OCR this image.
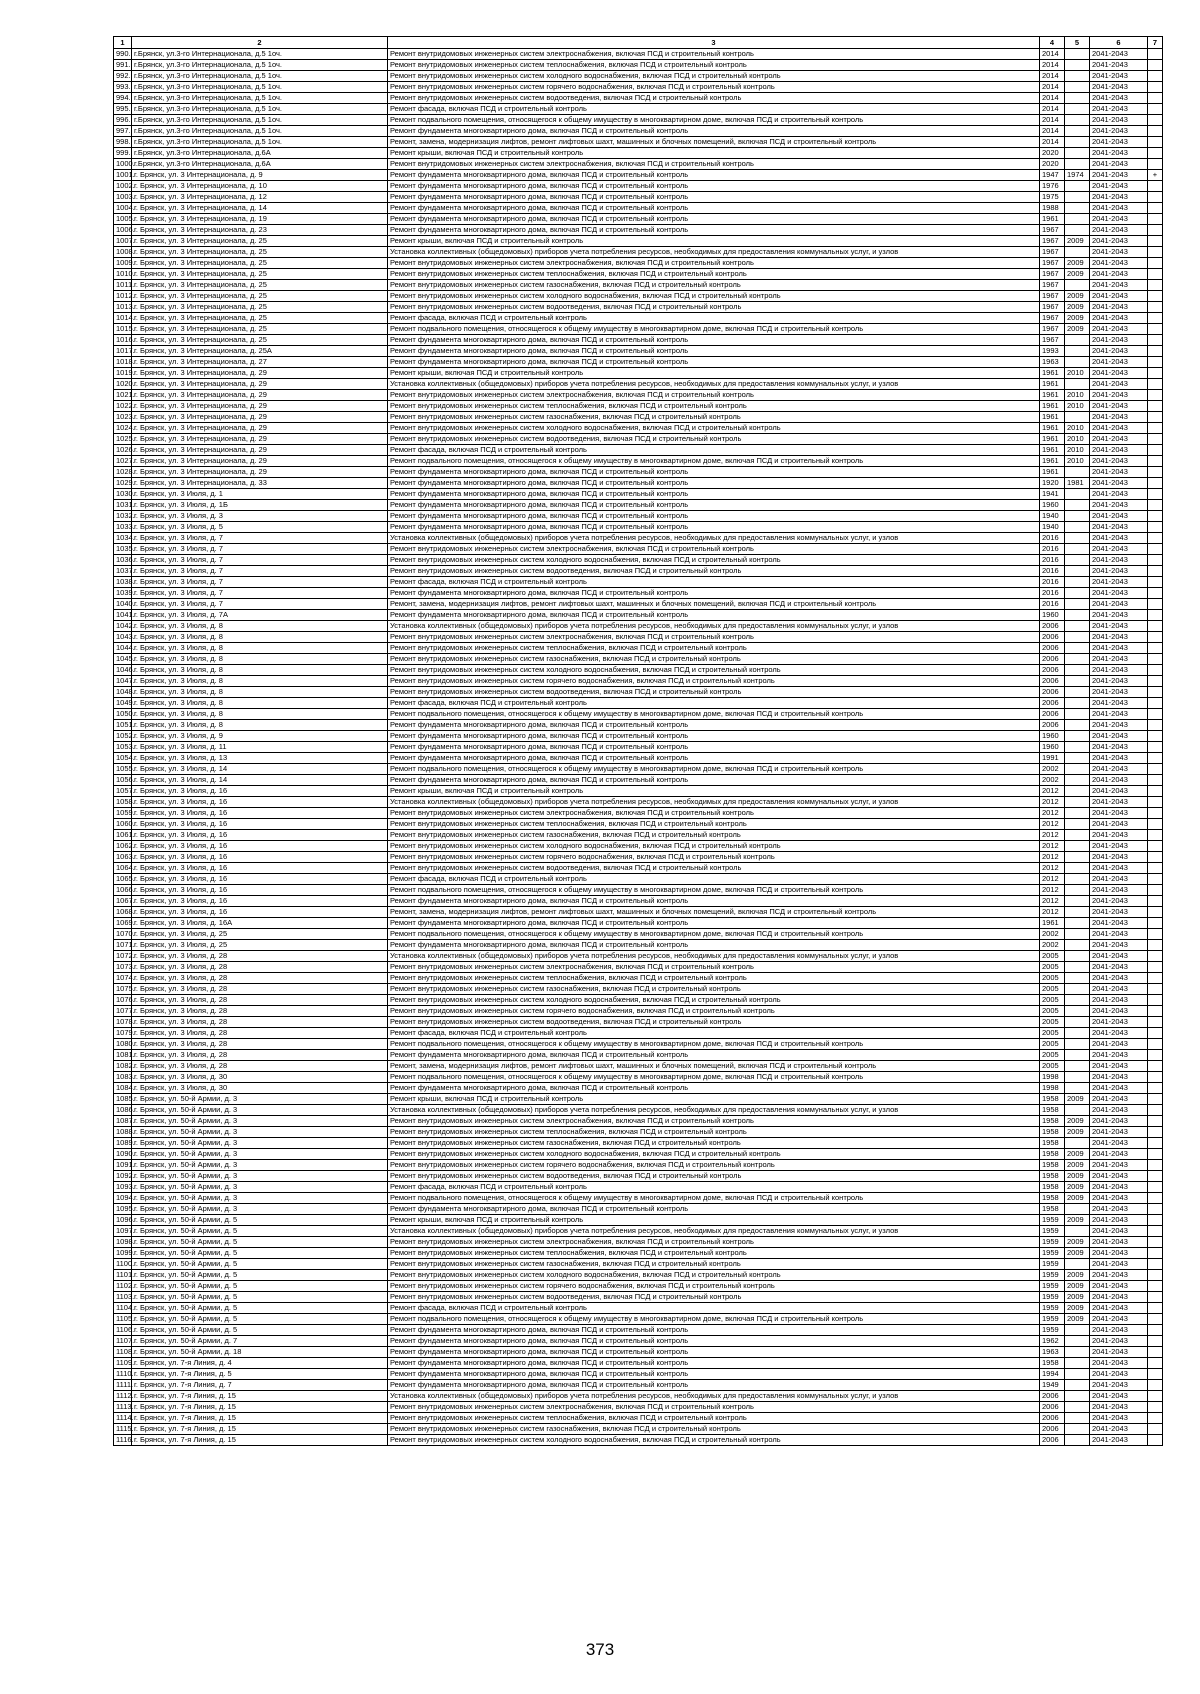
1	2	3	4	5	6	7
990.	г.Брянск, ул.3-го Интернационала, д.5 1оч.	Ремонт внутридомовых инженерных систем электроснабжения, включая ПСД и строительный контроль	2014		2041-2043	
991.	г.Брянск, ул.3-го Интернационала, д.5 1оч.	Ремонт внутридомовых инженерных систем теплоснабжения, включая ПСД и строительный контроль	2014		2041-2043	
992.	г.Брянск, ул.3-го Интернационала, д.5 1оч.	Ремонт внутридомовых инженерных систем холодного водоснабжения, включая ПСД и строительный контроль	2014		2041-2043	
993.	г.Брянск, ул.3-го Интернационала, д.5 1оч.	Ремонт внутридомовых инженерных систем горячего водоснабжения, включая ПСД и строительный контроль	2014		2041-2043	
994.	г.Брянск, ул.3-го Интернационала, д.5 1оч.	Ремонт внутридомовых инженерных систем водоотведения, включая ПСД и строительный контроль	2014		2041-2043	
995.	г.Брянск, ул.3-го Интернационала, д.5 1оч.	Ремонт фасада, включая ПСД и строительный контроль	2014		2041-2043	
996.	г.Брянск, ул.3-го Интернационала, д.5 1оч.	Ремонт подвального помещения, относящегося к общему имуществу в многоквартирном доме, включая ПСД и строительный контроль	2014		2041-2043	
997.	г.Брянск, ул.3-го Интернационала, д.5 1оч.	Ремонт фундамента многоквартирного дома, включая ПСД и строительный контроль	2014		2041-2043	
998.	г.Брянск, ул.3-го Интернационала, д.5 1оч.	Ремонт, замена, модернизация лифтов, ремонт лифтовых шахт, машинных и блочных помещений, включая ПСД и строительный контроль	2014		2041-2043	
999.	г.Брянск, ул.3-го Интернационала, д.6А	Ремонт крыши, включая ПСД и строительный контроль	2020		2041-2043	
1000.	г.Брянск, ул.3-го Интернационала, д.6А	Ремонт внутридомовых инженерных систем электроснабжения, включая ПСД и строительный контроль	2020		2041-2043	
1001.	г. Брянск, ул. 3 Интернационала, д. 9	Ремонт фундамента многоквартирного дома, включая ПСД и строительный контроль	1947	1974	2041-2043	+
1002.	г. Брянск, ул. 3 Интернационала, д. 10	Ремонт фундамента многоквартирного дома, включая ПСД и строительный контроль	1976		2041-2043	
1003.	г. Брянск, ул. 3 Интернационала, д. 12	Ремонт фундамента многоквартирного дома, включая ПСД и строительный контроль	1975		2041-2043	
1004.	г. Брянск, ул. 3 Интернационала, д. 14	Ремонт фундамента многоквартирного дома, включая ПСД и строительный контроль	1988		2041-2043	
1005.	г. Брянск, ул. 3 Интернационала, д. 19	Ремонт фундамента многоквартирного дома, включая ПСД и строительный контроль	1961		2041-2043	
1006.	г. Брянск, ул. 3 Интернационала, д. 23	Ремонт фундамента многоквартирного дома, включая ПСД и строительный контроль	1967		2041-2043	
1007.	г. Брянск, ул. 3 Интернационала, д. 25	Ремонт крыши, включая ПСД и строительный контроль	1967	2009	2041-2043	
1008.	г. Брянск, ул. 3 Интернационала, д. 25	Установка коллективных (общедомовых) приборов учета потребления ресурсов, необходимых для предоставления коммунальных услуг, и узлов	1967		2041-2043	
1009.	г. Брянск, ул. 3 Интернационала, д. 25	Ремонт внутридомовых инженерных систем электроснабжения, включая ПСД и строительный контроль	1967	2009	2041-2043	
1010.	г. Брянск, ул. 3 Интернационала, д. 25	Ремонт внутридомовых инженерных систем теплоснабжения, включая ПСД и строительный контроль	1967	2009	2041-2043	
1011.	г. Брянск, ул. 3 Интернационала, д. 25	Ремонт внутридомовых инженерных систем газоснабжения, включая ПСД и строительный контроль	1967		2041-2043	
1012.	г. Брянск, ул. 3 Интернационала, д. 25	Ремонт внутридомовых инженерных систем холодного водоснабжения, включая ПСД и строительный контроль	1967	2009	2041-2043	
1013.	г. Брянск, ул. 3 Интернационала, д. 25	Ремонт внутридомовых инженерных систем водоотведения, включая ПСД и строительный контроль	1967	2009	2041-2043	
1014.	г. Брянск, ул. 3 Интернационала, д. 25	Ремонт фасада, включая ПСД и строительный контроль	1967	2009	2041-2043	
1015.	г. Брянск, ул. 3 Интернационала, д. 25	Ремонт подвального помещения, относящегося к общему имуществу в многоквартирном доме, включая ПСД и строительный контроль	1967	2009	2041-2043	
1016.	г. Брянск, ул. 3 Интернационала, д. 25	Ремонт фундамента многоквартирного дома, включая ПСД и строительный контроль	1967		2041-2043	
1017.	г. Брянск, ул. 3 Интернационала, д. 25А	Ремонт фундамента многоквартирного дома, включая ПСД и строительный контроль	1993		2041-2043	
1018.	г. Брянск, ул. 3 Интернационала, д. 27	Ремонт фундамента многоквартирного дома, включая ПСД и строительный контроль	1963		2041-2043	
1019.	г. Брянск, ул. 3 Интернационала, д. 29	Ремонт крыши, включая ПСД и строительный контроль	1961	2010	2041-2043	
1020.	г. Брянск, ул. 3 Интернационала, д. 29	Установка коллективных (общедомовых) приборов учета потребления ресурсов, необходимых для предоставления коммунальных услуг, и узлов	1961		2041-2043	
1021.	г. Брянск, ул. 3 Интернационала, д. 29	Ремонт внутридомовых инженерных систем электроснабжения, включая ПСД и строительный контроль	1961	2010	2041-2043	
1022.	г. Брянск, ул. 3 Интернационала, д. 29	Ремонт внутридомовых инженерных систем теплоснабжения, включая ПСД и строительный контроль	1961	2010	2041-2043	
1023.	г. Брянск, ул. 3 Интернационала, д. 29	Ремонт внутридомовых инженерных систем газоснабжения, включая ПСД и строительный контроль	1961		2041-2043	
1024.	г. Брянск, ул. 3 Интернационала, д. 29	Ремонт внутридомовых инженерных систем холодного водоснабжения, включая ПСД и строительный контроль	1961	2010	2041-2043	
1025.	г. Брянск, ул. 3 Интернационала, д. 29	Ремонт внутридомовых инженерных систем водоотведения, включая ПСД и строительный контроль	1961	2010	2041-2043	
1026.	г. Брянск, ул. 3 Интернационала, д. 29	Ремонт фасада, включая ПСД и строительный контроль	1961	2010	2041-2043	
1027.	г. Брянск, ул. 3 Интернационала, д. 29	Ремонт подвального помещения, относящегося к общему имуществу в многоквартирном доме, включая ПСД и строительный контроль	1961	2010	2041-2043	
1028.	г. Брянск, ул. 3 Интернационала, д. 29	Ремонт фундамента многоквартирного дома, включая ПСД и строительный контроль	1961		2041-2043	
1029.	г. Брянск, ул. 3 Интернационала, д. 33	Ремонт фундамента многоквартирного дома, включая ПСД и строительный контроль	1920	1981	2041-2043	
1030.	г. Брянск, ул. 3 Июля, д. 1	Ремонт фундамента многоквартирного дома, включая ПСД и строительный контроль	1941		2041-2043	
1031.	г. Брянск, ул. 3 Июля, д. 1Б	Ремонт фундамента многоквартирного дома, включая ПСД и строительный контроль	1960		2041-2043	
1032.	г. Брянск, ул. 3 Июля, д. 3	Ремонт фундамента многоквартирного дома, включая ПСД и строительный контроль	1940		2041-2043	
1033.	г. Брянск, ул. 3 Июля, д. 5	Ремонт фундамента многоквартирного дома, включая ПСД и строительный контроль	1940		2041-2043	
1034.	г. Брянск, ул. 3 Июля, д. 7	Установка коллективных (общедомовых) приборов учета потребления ресурсов, необходимых для предоставления коммунальных услуг, и узлов	2016		2041-2043	
1035.	г. Брянск, ул. 3 Июля, д. 7	Ремонт внутридомовых инженерных систем электроснабжения, включая ПСД и строительный контроль	2016		2041-2043	
1036.	г. Брянск, ул. 3 Июля, д. 7	Ремонт внутридомовых инженерных систем холодного водоснабжения, включая ПСД и строительный контроль	2016		2041-2043	
1037.	г. Брянск, ул. 3 Июля, д. 7	Ремонт внутридомовых инженерных систем водоотведения, включая ПСД и строительный контроль	2016		2041-2043	
1038.	г. Брянск, ул. 3 Июля, д. 7	Ремонт фасада, включая ПСД и строительный контроль	2016		2041-2043	
1039.	г. Брянск, ул. 3 Июля, д. 7	Ремонт фундамента многоквартирного дома, включая ПСД и строительный контроль	2016		2041-2043	
1040.	г. Брянск, ул. 3 Июля, д. 7	Ремонт, замена, модернизация лифтов, ремонт лифтовых шахт, машинных и блочных помещений, включая ПСД и строительный контроль	2016		2041-2043	
1041.	г. Брянск, ул. 3 Июля, д. 7А	Ремонт фундамента многоквартирного дома, включая ПСД и строительный контроль	1960		2041-2043	
1042.	г. Брянск, ул. 3 Июля, д. 8	Установка коллективных (общедомовых) приборов учета потребления ресурсов, необходимых для предоставления коммунальных услуг, и узлов	2006		2041-2043	
1043.	г. Брянск, ул. 3 Июля, д. 8	Ремонт внутридомовых инженерных систем электроснабжения, включая ПСД и строительный контроль	2006		2041-2043	
1044.	г. Брянск, ул. 3 Июля, д. 8	Ремонт внутридомовых инженерных систем теплоснабжения, включая ПСД и строительный контроль	2006		2041-2043	
1045.	г. Брянск, ул. 3 Июля, д. 8	Ремонт внутридомовых инженерных систем газоснабжения, включая ПСД и строительный контроль	2006		2041-2043	
1046.	г. Брянск, ул. 3 Июля, д. 8	Ремонт внутридомовых инженерных систем холодного водоснабжения, включая ПСД и строительный контроль	2006		2041-2043	
1047.	г. Брянск, ул. 3 Июля, д. 8	Ремонт внутридомовых инженерных систем горячего водоснабжения, включая ПСД и строительный контроль	2006		2041-2043	
1048.	г. Брянск, ул. 3 Июля, д. 8	Ремонт внутридомовых инженерных систем водоотведения, включая ПСД и строительный контроль	2006		2041-2043	
1049.	г. Брянск, ул. 3 Июля, д. 8	Ремонт фасада, включая ПСД и строительный контроль	2006		2041-2043	
1050.	г. Брянск, ул. 3 Июля, д. 8	Ремонт подвального помещения, относящегося к общему имуществу в многоквартирном доме, включая ПСД и строительный контроль	2006		2041-2043	
1051.	г. Брянск, ул. 3 Июля, д. 8	Ремонт фундамента многоквартирного дома, включая ПСД и строительный контроль	2006		2041-2043	
1052.	г. Брянск, ул. 3 Июля, д. 9	Ремонт фундамента многоквартирного дома, включая ПСД и строительный контроль	1960		2041-2043	
1053.	г. Брянск, ул. 3 Июля, д. 11	Ремонт фундамента многоквартирного дома, включая ПСД и строительный контроль	1960		2041-2043	
1054.	г. Брянск, ул. 3 Июля, д. 13	Ремонт фундамента многоквартирного дома, включая ПСД и строительный контроль	1991		2041-2043	
1055.	г. Брянск, ул. 3 Июля, д. 14	Ремонт подвального помещения, относящегося к общему имуществу в многоквартирном доме, включая ПСД и строительный контроль	2002		2041-2043	
1056.	г. Брянск, ул. 3 Июля, д. 14	Ремонт фундамента многоквартирного дома, включая ПСД и строительный контроль	2002		2041-2043	
1057.	г. Брянск, ул. 3 Июля, д. 16	Ремонт крыши, включая ПСД и строительный контроль	2012		2041-2043	
1058.	г. Брянск, ул. 3 Июля, д. 16	Установка коллективных (общедомовых) приборов учета потребления ресурсов, необходимых для предоставления коммунальных услуг, и узлов	2012		2041-2043	
1059.	г. Брянск, ул. 3 Июля, д. 16	Ремонт внутридомовых инженерных систем электроснабжения, включая ПСД и строительный контроль	2012		2041-2043	
1060.	г. Брянск, ул. 3 Июля, д. 16	Ремонт внутридомовых инженерных систем теплоснабжения, включая ПСД и строительный контроль	2012		2041-2043	
1061.	г. Брянск, ул. 3 Июля, д. 16	Ремонт внутридомовых инженерных систем газоснабжения, включая ПСД и строительный контроль	2012		2041-2043	
1062.	г. Брянск, ул. 3 Июля, д. 16	Ремонт внутридомовых инженерных систем холодного водоснабжения, включая ПСД и строительный контроль	2012		2041-2043	
1063.	г. Брянск, ул. 3 Июля, д. 16	Ремонт внутридомовых инженерных систем горячего водоснабжения, включая ПСД и строительный контроль	2012		2041-2043	
1064.	г. Брянск, ул. 3 Июля, д. 16	Ремонт внутридомовых инженерных систем водоотведения, включая ПСД и строительный контроль	2012		2041-2043	
1065.	г. Брянск, ул. 3 Июля, д. 16	Ремонт фасада, включая ПСД и строительный контроль	2012		2041-2043	
1066.	г. Брянск, ул. 3 Июля, д. 16	Ремонт подвального помещения, относящегося к общему имуществу в многоквартирном доме, включая ПСД и строительный контроль	2012		2041-2043	
1067.	г. Брянск, ул. 3 Июля, д. 16	Ремонт фундамента многоквартирного дома, включая ПСД и строительный контроль	2012		2041-2043	
1068.	г. Брянск, ул. 3 Июля, д. 16	Ремонт, замена, модернизация лифтов, ремонт лифтовых шахт, машинных и блочных помещений, включая ПСД и строительный контроль	2012		2041-2043	
1069.	г. Брянск, ул. 3 Июля, д. 16А	Ремонт фундамента многоквартирного дома, включая ПСД и строительный контроль	1961		2041-2043	
1070.	г. Брянск, ул. 3 Июля, д. 25	Ремонт подвального помещения, относящегося к общему имуществу в многоквартирном доме, включая ПСД и строительный контроль	2002		2041-2043	
1071.	г. Брянск, ул. 3 Июля, д. 25	Ремонт фундамента многоквартирного дома, включая ПСД и строительный контроль	2002		2041-2043	
1072.	г. Брянск, ул. 3 Июля, д. 28	Установка коллективных (общедомовых) приборов учета потребления ресурсов, необходимых для предоставления коммунальных услуг, и узлов	2005		2041-2043	
1073.	г. Брянск, ул. 3 Июля, д. 28	Ремонт внутридомовых инженерных систем электроснабжения, включая ПСД и строительный контроль	2005		2041-2043	
1074.	г. Брянск, ул. 3 Июля, д. 28	Ремонт внутридомовых инженерных систем теплоснабжения, включая ПСД и строительный контроль	2005		2041-2043	
1075.	г. Брянск, ул. 3 Июля, д. 28	Ремонт внутридомовых инженерных систем газоснабжения, включая ПСД и строительный контроль	2005		2041-2043	
1076.	г. Брянск, ул. 3 Июля, д. 28	Ремонт внутридомовых инженерных систем холодного водоснабжения, включая ПСД и строительный контроль	2005		2041-2043	
1077.	г. Брянск, ул. 3 Июля, д. 28	Ремонт внутридомовых инженерных систем горячего водоснабжения, включая ПСД и строительный контроль	2005		2041-2043	
1078.	г. Брянск, ул. 3 Июля, д. 28	Ремонт внутридомовых инженерных систем водоотведения, включая ПСД и строительный контроль	2005		2041-2043	
1079.	г. Брянск, ул. 3 Июля, д. 28	Ремонт фасада, включая ПСД и строительный контроль	2005		2041-2043	
1080.	г. Брянск, ул. 3 Июля, д. 28	Ремонт подвального помещения, относящегося к общему имуществу в многоквартирном доме, включая ПСД и строительный контроль	2005		2041-2043	
1081.	г. Брянск, ул. 3 Июля, д. 28	Ремонт фундамента многоквартирного дома, включая ПСД и строительный контроль	2005		2041-2043	
1082.	г. Брянск, ул. 3 Июля, д. 28	Ремонт, замена, модернизация лифтов, ремонт лифтовых шахт, машинных и блочных помещений, включая ПСД и строительный контроль	2005		2041-2043	
1083.	г. Брянск, ул. 3 Июля, д. 30	Ремонт подвального помещения, относящегося к общему имуществу в многоквартирном доме, включая ПСД и строительный контроль	1998		2041-2043	
1084.	г. Брянск, ул. 3 Июля, д. 30	Ремонт фундамента многоквартирного дома, включая ПСД и строительный контроль	1998		2041-2043	
1085.	г. Брянск, ул. 50-й Армии, д. 3	Ремонт крыши, включая ПСД и строительный контроль	1958	2009	2041-2043	
1086.	г. Брянск, ул. 50-й Армии, д. 3	Установка коллективных (общедомовых) приборов учета потребления ресурсов, необходимых для предоставления коммунальных услуг, и узлов	1958		2041-2043	
1087.	г. Брянск, ул. 50-й Армии, д. 3	Ремонт внутридомовых инженерных систем электроснабжения, включая ПСД и строительный контроль	1958	2009	2041-2043	
1088.	г. Брянск, ул. 50-й Армии, д. 3	Ремонт внутридомовых инженерных систем теплоснабжения, включая ПСД и строительный контроль	1958	2009	2041-2043	
1089.	г. Брянск, ул. 50-й Армии, д. 3	Ремонт внутридомовых инженерных систем газоснабжения, включая ПСД и строительный контроль	1958		2041-2043	
1090.	г. Брянск, ул. 50-й Армии, д. 3	Ремонт внутридомовых инженерных систем холодного водоснабжения, включая ПСД и строительный контроль	1958	2009	2041-2043	
1091.	г. Брянск, ул. 50-й Армии, д. 3	Ремонт внутридомовых инженерных систем горячего водоснабжения, включая ПСД и строительный контроль	1958	2009	2041-2043	
1092.	г. Брянск, ул. 50-й Армии, д. 3	Ремонт внутридомовых инженерных систем водоотведения, включая ПСД и строительный контроль	1958	2009	2041-2043	
1093.	г. Брянск, ул. 50-й Армии, д. 3	Ремонт фасада, включая ПСД и строительный контроль	1958	2009	2041-2043	
1094.	г. Брянск, ул. 50-й Армии, д. 3	Ремонт подвального помещения, относящегося к общему имуществу в многоквартирном доме, включая ПСД и строительный контроль	1958	2009	2041-2043	
1095.	г. Брянск, ул. 50-й Армии, д. 3	Ремонт фундамента многоквартирного дома, включая ПСД и строительный контроль	1958		2041-2043	
1096.	г. Брянск, ул. 50-й Армии, д. 5	Ремонт крыши, включая ПСД и строительный контроль	1959	2009	2041-2043	
1097.	г. Брянск, ул. 50-й Армии, д. 5	Установка коллективных (общедомовых) приборов учета потребления ресурсов, необходимых для предоставления коммунальных услуг, и узлов	1959		2041-2043	
1098.	г. Брянск, ул. 50-й Армии, д. 5	Ремонт внутридомовых инженерных систем электроснабжения, включая ПСД и строительный контроль	1959	2009	2041-2043	
1099.	г. Брянск, ул. 50-й Армии, д. 5	Ремонт внутридомовых инженерных систем теплоснабжения, включая ПСД и строительный контроль	1959	2009	2041-2043	
1100.	г. Брянск, ул. 50-й Армии, д. 5	Ремонт внутридомовых инженерных систем газоснабжения, включая ПСД и строительный контроль	1959		2041-2043	
1101.	г. Брянск, ул. 50-й Армии, д. 5	Ремонт внутридомовых инженерных систем холодного водоснабжения, включая ПСД и строительный контроль	1959	2009	2041-2043	
1102.	г. Брянск, ул. 50-й Армии, д. 5	Ремонт внутридомовых инженерных систем горячего водоснабжения, включая ПСД и строительный контроль	1959	2009	2041-2043	
1103.	г. Брянск, ул. 50-й Армии, д. 5	Ремонт внутридомовых инженерных систем водоотведения, включая ПСД и строительный контроль	1959	2009	2041-2043	
1104.	г. Брянск, ул. 50-й Армии, д. 5	Ремонт фасада, включая ПСД и строительный контроль	1959	2009	2041-2043	
1105.	г. Брянск, ул. 50-й Армии, д. 5	Ремонт подвального помещения, относящегося к общему имуществу в многоквартирном доме, включая ПСД и строительный контроль	1959	2009	2041-2043	
1106.	г. Брянск, ул. 50-й Армии, д. 5	Ремонт фундамента многоквартирного дома, включая ПСД и строительный контроль	1959		2041-2043	
1107.	г. Брянск, ул. 50-й Армии, д. 7	Ремонт фундамента многоквартирного дома, включая ПСД и строительный контроль	1962		2041-2043	
1108.	г. Брянск, ул. 50-й Армии, д. 18	Ремонт фундамента многоквартирного дома, включая ПСД и строительный контроль	1963		2041-2043	
1109.	г. Брянск, ул. 7-я Линия, д. 4	Ремонт фундамента многоквартирного дома, включая ПСД и строительный контроль	1958		2041-2043	
1110.	г. Брянск, ул. 7-я Линия, д. 5	Ремонт фундамента многоквартирного дома, включая ПСД и строительный контроль	1994		2041-2043	
1111.	г. Брянск, ул. 7-я Линия, д. 7	Ремонт фундамента многоквартирного дома, включая ПСД и строительный контроль	1949		2041-2043	
1112.	г. Брянск, ул. 7-я Линия, д. 15	Установка коллективных (общедомовых) приборов учета потребления ресурсов, необходимых для предоставления коммунальных услуг, и узлов	2006		2041-2043	
1113.	г. Брянск, ул. 7-я Линия, д. 15	Ремонт внутридомовых инженерных систем электроснабжения, включая ПСД и строительный контроль	2006		2041-2043	
1114.	г. Брянск, ул. 7-я Линия, д. 15	Ремонт внутридомовых инженерных систем теплоснабжения, включая ПСД и строительный контроль	2006		2041-2043	
1115.	г. Брянск, ул. 7-я Линия, д. 15	Ремонт внутридомовых инженерных систем газоснабжения, включая ПСД и строительный контроль	2006		2041-2043	
1116.	г. Брянск, ул. 7-я Линия, д. 15	Ремонт внутридомовых инженерных систем холодного водоснабжения, включая ПСД и строительный контроль	2006		2041-2043	
373
